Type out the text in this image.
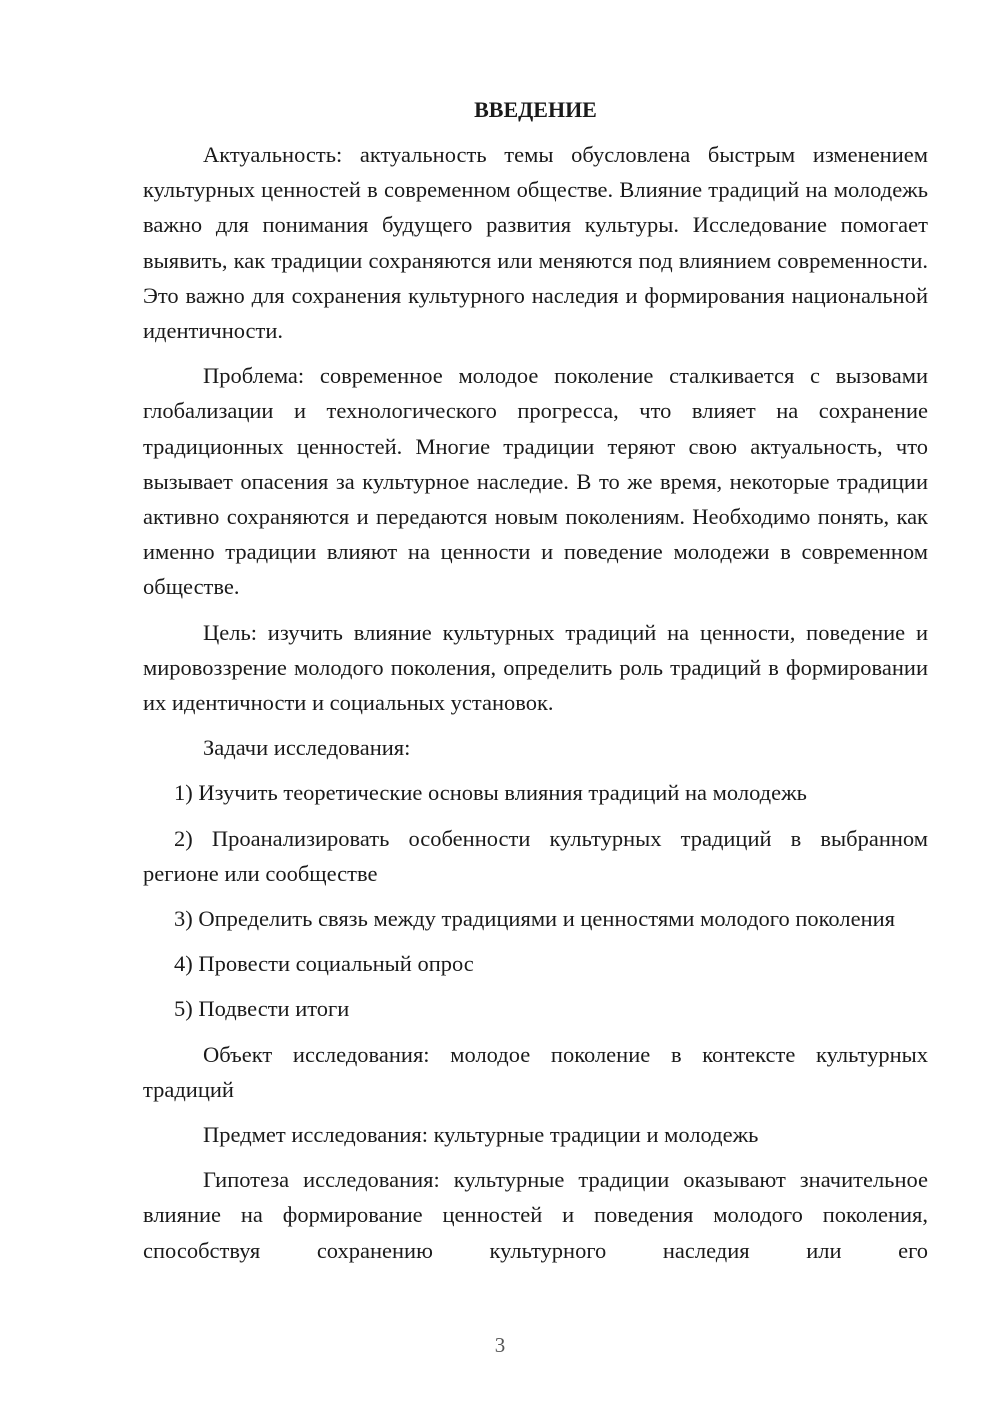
ВВЕДЕНИЕ

Актуальность: актуальность темы обусловлена быстрым изменением культурных ценностей в современном обществе. Влияние традиций на молодежь важно для понимания будущего развития культуры. Исследование помогает выявить, как традиции сохраняются или меняются под влиянием современности. Это важно для сохранения культурного наследия и формирования национальной идентичности.

Проблема: современное молодое поколение сталкивается с вызовами глобализации и технологического прогресса, что влияет на сохранение традиционных ценностей. Многие традиции теряют свою актуальность, что вызывает опасения за культурное наследие. В то же время, некоторые традиции активно сохраняются и передаются новым поколениям. Необходимо понять, как именно традиции влияют на ценности и поведение молодежи в современном обществе.

Цель: изучить влияние культурных традиций на ценности, поведение и мировоззрение молодого поколения, определить роль традиций в формировании их идентичности и социальных установок.

Задачи исследования:

1) Изучить теоретические основы влияния традиций на молодежь

2) Проанализировать особенности культурных традиций в выбранном регионе или сообществе

3) Определить связь между традициями и ценностями молодого поколения

4) Провести социальный опрос

5) Подвести итоги

Объект исследования: молодое поколение в контексте культурных традиций

Предмет исследования: культурные традиции и молодежь

Гипотеза исследования: культурные традиции оказывают значительное влияние на формирование ценностей и поведения молодого поколения, способствуя сохранению культурного наследия или его

3
